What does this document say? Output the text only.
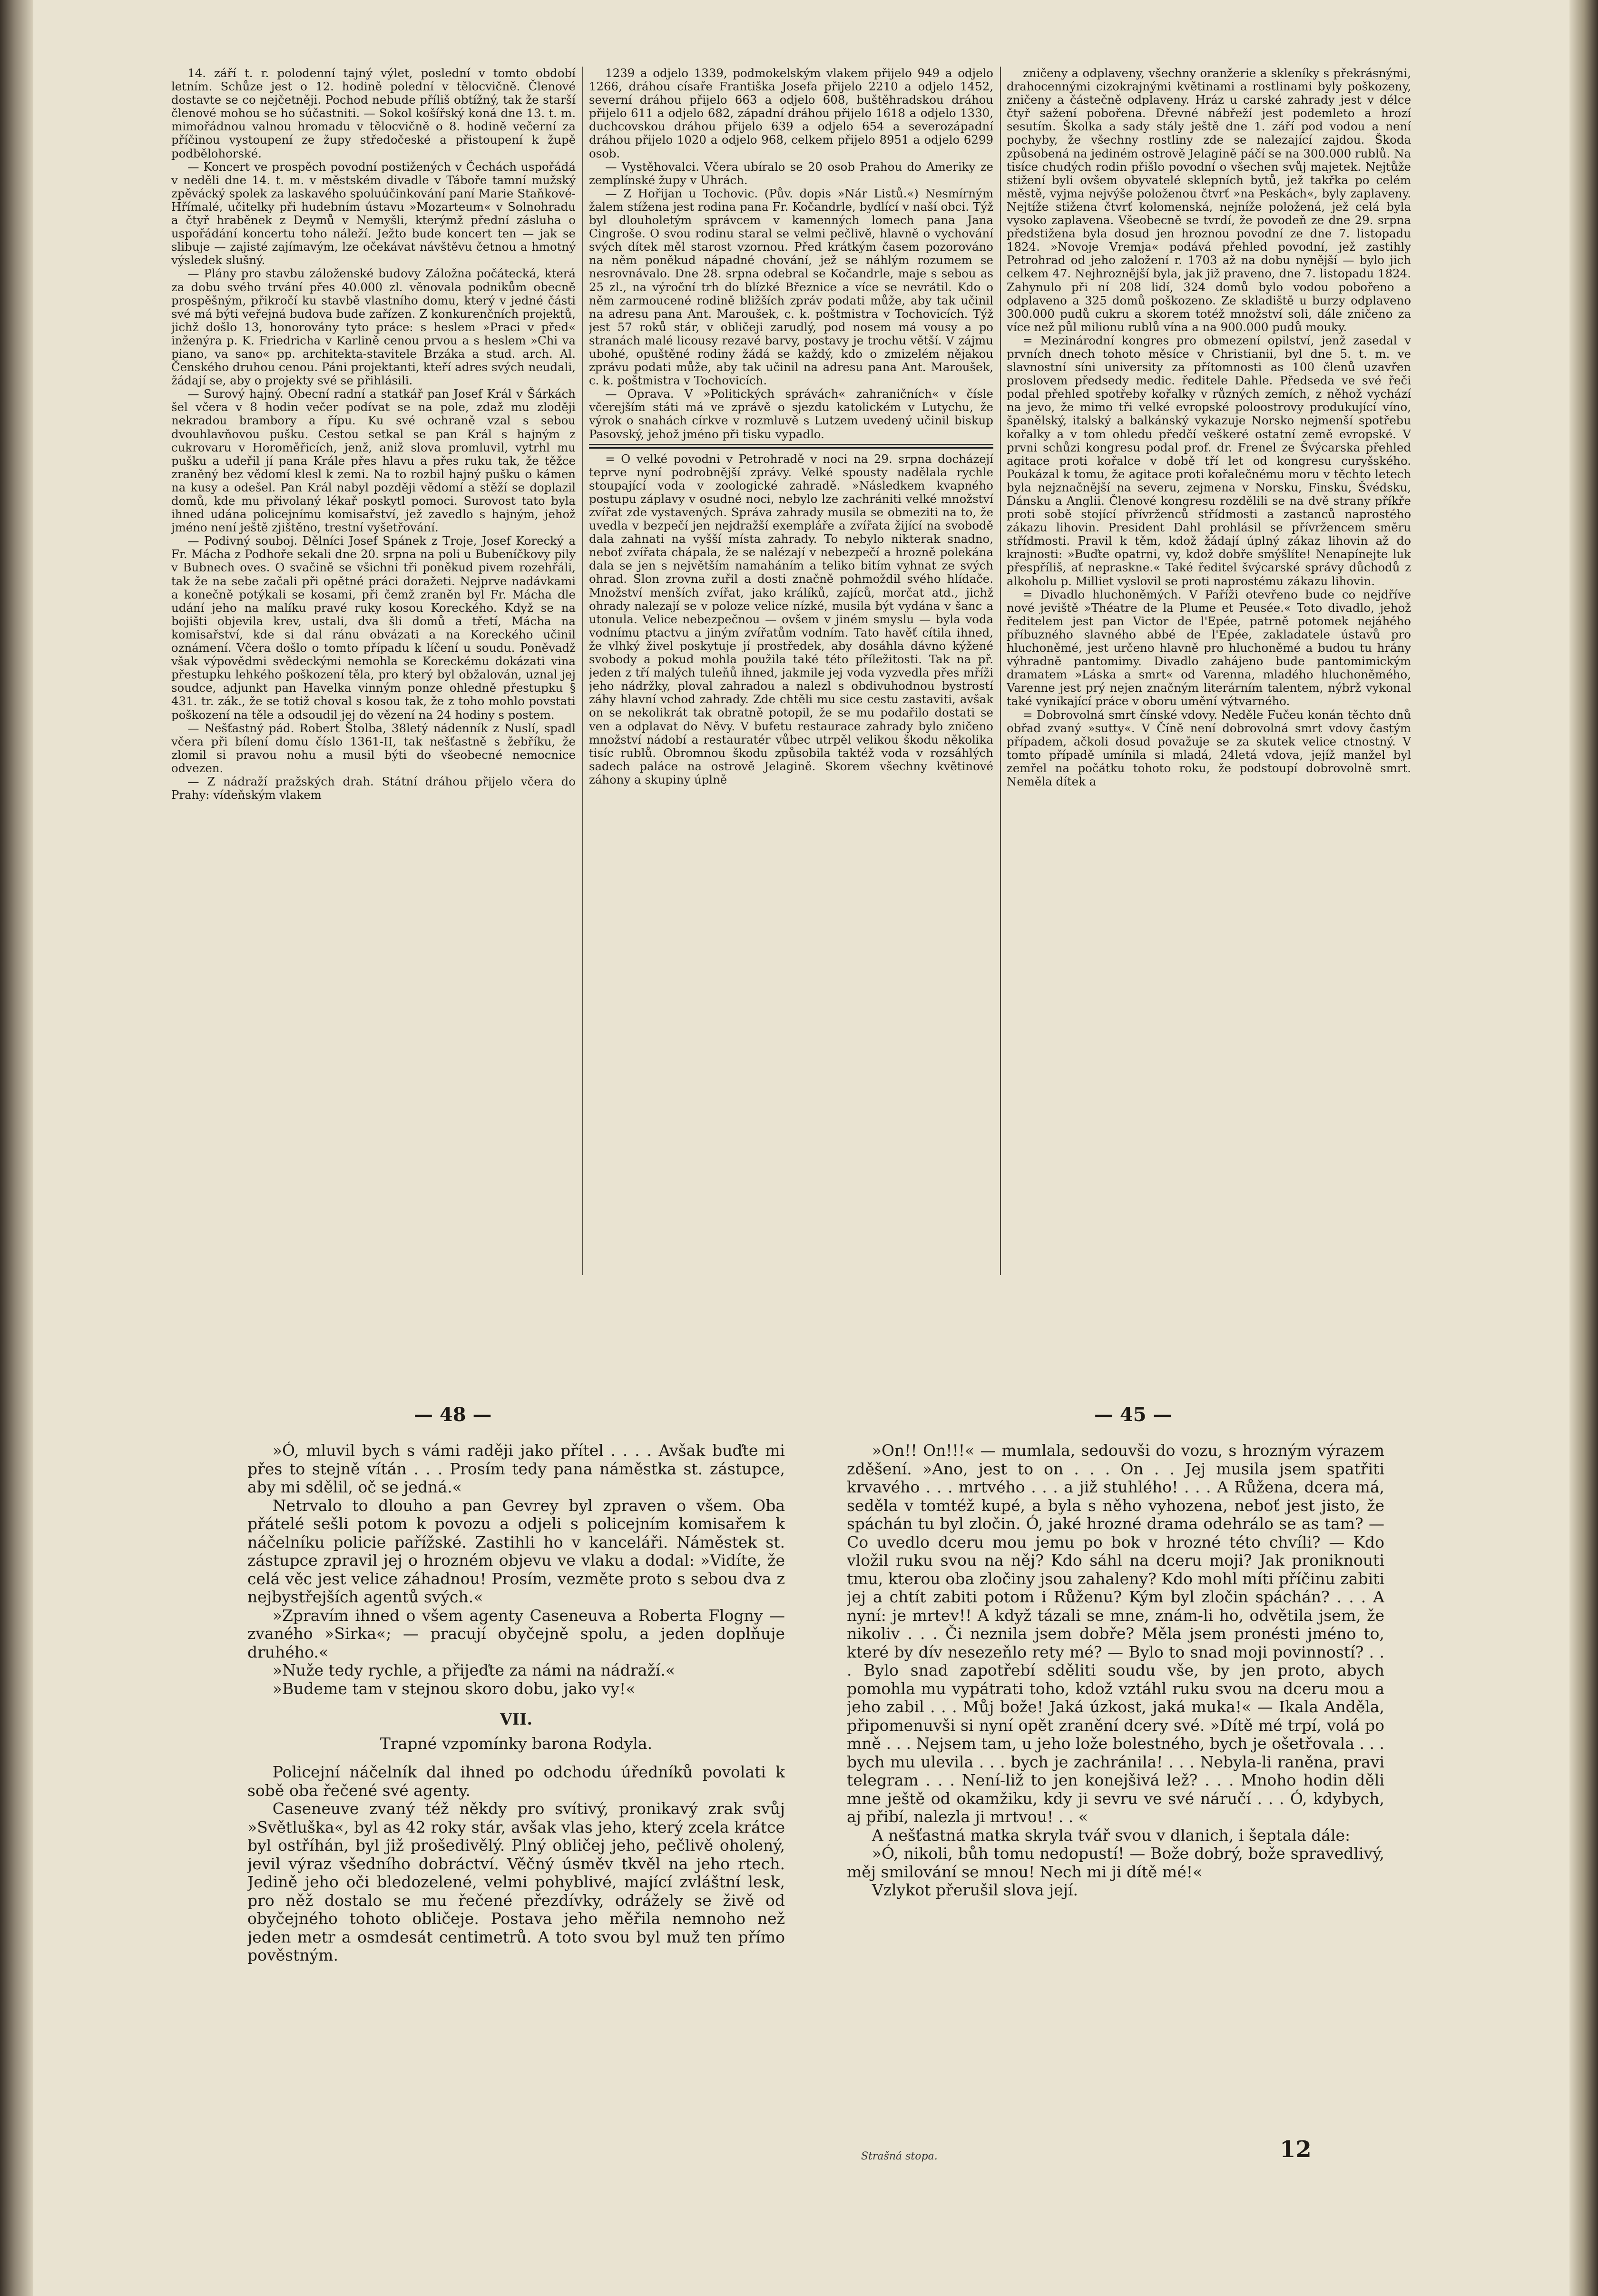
14. září t. r. polodenní tajný výlet, poslední v tomto období letním. Schůze jest o 12. hodině polední v tělocvičně. Členové dostavte se co nejčetněji. Pochod nebude příliš obtížný, tak že starší členové mohou se ho súčastniti. — Sokol košířský koná dne 13. t. m. mimořádnou valnou hromadu v tělocvičně o 8. hodině večerní za příčinou vystoupení ze župy středočeské a přistoupení k župě podbělohorské.

— Koncert ve prospěch povodní postižených v Čechách uspořádá v neděli dne 14. t. m. v městském divadle v Táboře tamní mužský zpěvácký spolek za laskavého spoluúčinkování paní Marie Staňkové-Hřímalé, učitelky při hudebním ústavu »Mozarteum« v Solnohradu a čtyř hraběnek z Deymů v Nemyšli, kterýmž přední zásluha o uspořádání koncertu toho náleží. Ježto bude koncert ten — jak se slibuje — zajisté zajímavým, lze očekávat návštěvu četnou a hmotný výsledek slušný.

— Plány pro stavbu záloženské budovy Záložna počátecká, která za dobu svého trvání přes 40.000 zl. věnovala podnikům obecně prospěšným, přikročí ku stavbě vlastního domu, který v jedné části své má býti veřejná budova bude zařízen. Z konkurenčních projektů, jichž došlo 13, honorovány tyto práce: s heslem »Praci v před« inženýra p. K. Friedricha v Karlině cenou prvou a s heslem »Chi va piano, va sano« pp. architekta-stavitele Brzáka a stud. arch. Al. Čenského druhou cenou. Páni projektanti, kteří adres svých neudali, žádají se, aby o projekty své se přihlásili.

— Surový hajný. Obecní radní a statkář pan Josef Král v Šárkách šel včera v 8 hodin večer podívat se na pole, zdaž mu zloději nekradou brambory a řípu. Ku své ochraně vzal s sebou dvouhlavňovou pušku. Cestou setkal se pan Král s hajným z cukrovaru v Horoměřicích, jenž, aniž slova promluvil, vytrhl mu pušku a udeřil jí pana Krále přes hlavu a přes ruku tak, že těžce zraněný bez vědomí klesl k zemi. Na to rozbil hajný pušku o kámen na kusy a odešel. Pan Král nabyl později vědomí a stěží se doplazil domů, kde mu přivolaný lékař poskytl pomoci. Surovost tato byla ihned udána policejnímu komisařství, jež zavedlo s hajným, jehož jméno není ještě zjištěno, trestní vyšetřování.

— Podivný souboj. Dělníci Josef Spánek z Troje, Josef Korecký a Fr. Mácha z Podhoře sekali dne 20. srpna na poli u Bubeníčkovy pily v Bubnech oves. O svačině se všichni tři poněkud pivem rozehřáli, tak že na sebe začali při opětné práci doražeti. Nejprve nadávkami a konečně potýkali se kosami, při čemž zraněn byl Fr. Mácha dle udání jeho na malíku pravé ruky kosou Koreckého. Když se na bojišti objevila krev, ustali, dva šli domů a třetí, Mácha na komisařství, kde si dal ránu obvázati a na Koreckého učinil oznámení. Včera došlo o tomto případu k líčení u soudu. Poněvadž však výpovědmi svědeckými nemohla se Koreckému dokázati vina přestupku lehkého poškození těla, pro který byl obžalován, uznal jej soudce, adjunkt pan Havelka vinným ponze ohledně přestupku § 431. tr. zák., že se totiž choval s kosou tak, že z toho mohlo povstati poškození na těle a odsoudil jej do vězení na 24 hodiny s postem.

— Nešťastný pád. Robert Štolba, 38letý nádenník z Nuslí, spadl včera při bílení domu číslo 1361-II, tak nešťastně s žebříku, že zlomil si pravou nohu a musil býti do všeobecné nemocnice odvezen.

— Z nádraží pražských drah. Státní dráhou přijelo včera do Prahy: vídeňským vlakem

1239 a odjelo 1339, podmokelským vlakem přijelo 949 a odjelo 1266, dráhou císaře Františka Josefa přijelo 2210 a odjelo 1452, severní dráhou přijelo 663 a odjelo 608, buštěhradskou dráhou přijelo 611 a odjelo 682, západní dráhou přijelo 1618 a odjelo 1330, duchcovskou dráhou přijelo 639 a odjelo 654 a severozápadní dráhou přijelo 1020 a odjelo 968, celkem přijelo 8951 a odjelo 6299 osob.

— Vystěhovalci. Včera ubíralo se 20 osob Prahou do Ameriky ze zemplínské župy v Uhrách.

— Z Hořijan u Tochovic. (Pův. dopis »Nár Listů.«) Nesmírným žalem stížena jest rodina pana Fr. Kočandrle, bydlící v naší obci. Týž byl dlouholetým správcem v kamenných lomech pana Jana Cingroše. O svou rodinu staral se velmi pečlivě, hlavně o vychování svých dítek měl starost vzornou. Před krátkým časem pozorováno na něm poněkud nápadné chování, jež se náhlým rozumem se nesrovnávalo. Dne 28. srpna odebral se Kočandrle, maje s sebou as 25 zl., na výroční trh do blízké Březnice a více se nevrátil. Kdo o něm zarmoucené rodině bližších zpráv podati může, aby tak učinil na adresu pana Ant. Maroušek, c. k. poštmistra v Tochovicích. Týž jest 57 roků stár, v obličeji zarudlý, pod nosem má vousy a po stranách malé licousy rezavé barvy, postavy je trochu větší. V zájmu ubohé, opuštěné rodiny žádá se každý, kdo o zmizelém nějakou zprávu podati může, aby tak učinil na adresu pana Ant. Maroušek, c. k. poštmistra v Tochovicích.

— Oprava. V »Politických správách« zahraničních« v čísle včerejším státi má ve zprávě o sjezdu katolickém v Lutychu, že výrok o snahách církve v rozmluvě s Lutzem uvedený učinil biskup Pasovský, jehož jméno při tisku vypadlo.

= O velké povodni v Petrohradě v noci na 29. srpna docházejí teprve nyní podrobnější zprávy. Velké spousty nadělala rychle stoupající voda v zoologické zahradě. »Následkem kvapného postupu záplavy v osudné noci, nebylo lze zachrániti velké množství zvířat zde vystavených. Správa zahrady musila se obmeziti na to, že uvedla v bezpečí jen nejdražší exempláře a zvířata žijící na svobodě dala zahnati na vyšší místa zahrady. To nebylo nikterak snadno, neboť zvířata chápala, že se nalézají v nebezpečí a hrozně polekána dala se jen s největším namaháním a teliko bitím vyhnat ze svých ohrad. Slon zrovna zuřil a dosti značně pohmoždil svého hlídače. Množství menších zvířat, jako králíků, zajíců, morčat atd., jichž ohrady nalezají se v poloze velice nízké, musila být vydána v šanc a utonula. Velice nebezpečnou — ovšem v jiném smyslu — byla voda vodnímu ptactvu a jiným zvířatům vodním. Tato havěť cítila ihned, že vlhký živel poskytuje jí prostředek, aby dosáhla dávno kýžené svobody a pokud mohla použila také této příležitosti. Tak na př. jeden z tří malých tuleňů ihned, jakmile jej voda vyzvedla přes mříži jeho nádržky, ploval zahradou a nalezl s obdivuhodnou bystrostí záhy hlavní vchod zahrady. Zde chtěli mu sice cestu zastaviti, avšak on se nekolikrát tak obratně potopil, že se mu podařilo dostati se ven a odplavat do Něvy. V bufetu restaurace zahrady bylo zničeno množství nádobí a restauratér vůbec utrpěl velikou škodu několika tisíc rublů. Obromnou škodu způsobila taktéž voda v rozsáhlých sadech paláce na ostrově Jelagině. Skorem všechny květinové záhony a skupiny úplně

zničeny a odplaveny, všechny oranžerie a skleníky s překrásnými, drahocennými cizokrajnými květinami a rostlinami byly poškozeny, zničeny a částečně odplaveny. Hráz u carské zahrady jest v délce čtyř sažení pobořena. Dřevné nábřeží jest podemleto a hrozí sesutím. Školka a sady stály ještě dne 1. září pod vodou a není pochyby, že všechny rostliny zde se nalezající zajdou. Škoda způsobená na jediném ostrově Jelagině páčí se na 300.000 rublů. Na tisíce chudých rodin přišlo povodní o všechen svůj majetek. Nejtůže stižení byli ovšem obyvatelé sklepních bytů, jež takřka po celém městě, vyjma nejvýše položenou čtvrť »na Peskách«, byly zaplaveny. Nejtíže stižena čtvrť kolomenská, nejníže položená, jež celá byla vysoko zaplavena. Všeobecně se tvrdí, že povodeň ze dne 29. srpna předstižena byla dosud jen hroznou povodní ze dne 7. listopadu 1824. »Novoje Vremja« podává přehled povodní, jež zastihly Petrohrad od jeho založení r. 1703 až na dobu nynější — bylo jich celkem 47. Nejhroznější byla, jak již praveno, dne 7. listopadu 1824. Zahynulo při ní 208 lidí, 324 domů bylo vodou pobořeno a odplaveno a 325 domů poškozeno. Ze skladiště u burzy odplaveno 300.000 pudů cukru a skorem totéž množství soli, dále zničeno za více než půl milionu rublů vína a na 900.000 pudů mouky.

= Mezinárodní kongres pro obmezení opilství, jenž zasedal v prvních dnech tohoto měsíce v Christianii, byl dne 5. t. m. ve slavnostní síni university za přítomnosti as 100 členů uzavřen proslovem předsedy medic. ředitele Dahle. Předseda ve své řeči podal přehled spotřeby kořalky v různých zemích, z něhož vychází na jevo, že mimo tři velké evropské poloostrovy produkující víno, španělský, italský a balkánský vykazuje Norsko nejmenší spotřebu kořalky a v tom ohledu předčí veškeré ostatní země evropské. V prvni schůzi kongresu podal prof. dr. Frenel ze Švýcarska přehled agitace proti kořalce v době tří let od kongresu curyšského. Poukázal k tomu, že agitace proti kořalečnému moru v těchto letech byla nejznačnější na severu, zejmena v Norsku, Finsku, Švédsku, Dánsku a Anglii. Členové kongresu rozdělili se na dvě strany příkře proti sobě stojící přívrženců střídmosti a zastanců naprostého zákazu lihovin. President Dahl prohlásil se přívržencem směru střídmosti. Pravil k těm, kdož žádají úplný zákaz lihovin až do krajnosti: »Buďte opatrni, vy, kdož dobře smýšlíte! Nenapínejte luk přespříliš, ať nepraskne.« Také ředitel švýcarské správy důchodů z alkoholu p. Milliet vyslovil se proti naprostému zákazu lihovin.

= Divadlo hluchoněmých. V Paříži otevřeno bude co nejdříve nové jeviště »Théatre de la Plume et Peusée.« Toto divadlo, jehož ředitelem jest pan Victor de l'Epée, patrně potomek nejáhého příbuzného slavného abbé de l'Epée, zakladatele ústavů pro hluchoněmé, jest určeno hlavně pro hluchoněmé a budou tu hrány výhradně pantomimy. Divadlo zahájeno bude pantomimickým dramatem »Láska a smrt« od Varenna, mladého hluchoněmého, Varenne jest prý nejen značným literárním talentem, nýbrž vykonal také vynikající práce v oboru umění výtvarného.

= Dobrovolná smrt čínské vdovy. Neděle Fučeu konán těchto dnů obřad zvaný »sutty«. V Číně není dobrovolná smrt vdovy častým případem, ačkoli dosud považuje se za skutek velice ctnostný. V tomto případě umínila si mladá, 24letá vdova, jejíž manžel byl zemřel na počátku tohoto roku, že podstoupí dobrovolně smrt. Neměla dítek a

— 48 —	— 45 —

»Ó, mluvil bych s vámi raději jako přítel . . . . Avšak buďte mi přes to stejně vítán . . . Prosím tedy pana náměstka st. zástupce, aby mi sdělil, oč se jedná.«

Netrvalo to dlouho a pan Gevrey byl zpraven o všem. Oba přátelé sešli potom k povozu a odjeli s policejním komisařem k náčelníku policie pařížské. Zastihli ho v kanceláři. Náměstek st. zástupce zpravil jej o hrozném objevu ve vlaku a dodal: »Vidíte, že celá věc jest velice záhadnou! Prosím, vezměte proto s sebou dva z nejbystřejších agentů svých.«

»Zpravím ihned o všem agenty Caseneuva a Roberta Flogny — zvaného »Sirka«; — pracují obyčejně spolu, a jeden doplňuje druhého.«

»Nuže tedy rychle, a přijeďte za námi na nádraží.«

»Budeme tam v stejnou skoro dobu, jako vy!«

VII.

Trapné vzpomínky barona Rodyla.

Policejní náčelník dal ihned po odchodu úředníků povolati k sobě oba řečené své agenty.

Caseneuve zvaný též někdy pro svítivý, pronikavý zrak svůj »Světluška«, byl as 42 roky stár, avšak vlas jeho, který zcela krátce byl ostříhán, byl již prošedivělý. Plný obličej jeho, pečlivě oholený, jevil výraz všedního dobráctví. Věčný úsměv tkvěl na jeho rtech. Jedině jeho oči bledozelené, velmi pohyblivé, mající zvláštní lesk, pro něž dostalo se mu řečené přezdívky, odrážely se živě od obyčejného tohoto obličeje. Postava jeho měřila nemnoho než jeden metr a osmdesát centimetrů. A toto svou byl muž ten přímo pověstným.

»On!! On!!!« — mumlala, sedouvši do vozu, s hrozným výrazem zděšení. »Ano, jest to on . . . On . . Jej musila jsem spatřiti krvavého . . . mrtvého . . . a již stuhlého! . . . A Růžena, dcera má, seděla v tomtéž kupé, a byla s něho vyhozena, neboť jest jisto, že spáchán tu byl zločin. Ó, jaké hrozné drama odehrálo se as tam? — Co uvedlo dceru mou jemu po bok v hrozné této chvíli? — Kdo vložil ruku svou na něj? Kdo sáhl na dceru moji? Jak proniknouti tmu, kterou oba zločiny jsou zahaleny? Kdo mohl míti příčinu zabiti jej a chtít zabiti potom i Růženu? Kým byl zločin spáchán? . . . A nyní: je mrtev!! A když tázali se mne, znám-li ho, odvětila jsem, že nikoliv . . . Či neznila jsem dobře? Měla jsem pronésti jméno to, které by dív nesezeňlo rety mé? — Bylo to snad moji povinností? . . . Bylo snad zapotřebí sděliti soudu vše, by jen proto, abych pomohla mu vypátrati toho, kdož vztáhl ruku svou na dceru mou a jeho zabil . . . Můj bože! Jaká úzkost, jaká muka!« — Ikala Anděla, připomenuvši si nyní opět zranění dcery své. »Dítě mé trpí, volá po mně . . . Nejsem tam, u jeho lože bolestného, bych je ošetřovala . . . bych mu ulevila . . . bych je zachránila! . . . Nebyla-li raněna, pravi telegram . . . Není-liž to jen konejšivá lež? . . . Mnoho hodin děli mne ještě od okamžiku, kdy ji sevru ve své náručí . . . Ó, kdybych, aj přibí, nalezla ji mrtvou! . . «

A nešťastná matka skryla tvář svou v dlanich, i šeptala dále:

»Ó, nikoli, bůh tomu nedopustí! — Bože dobrý, bože spravedlivý, měj smilování se mnou! Nech mi ji dítě mé!«

Vzlykot přerušil slova její.

Strašná stopa.	12
